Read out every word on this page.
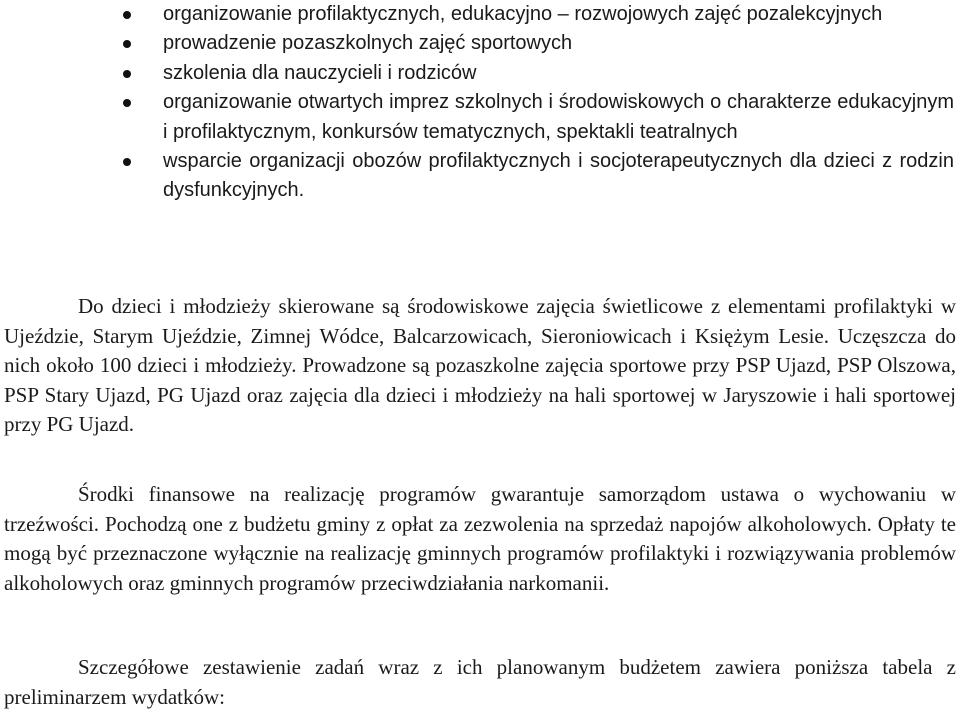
organizowanie profilaktycznych, edukacyjno – rozwojowych zajęć pozalekcyjnych
prowadzenie pozaszkolnych zajęć sportowych
szkolenia dla nauczycieli i rodziców
organizowanie otwartych imprez szkolnych i środowiskowych o charakterze edukacyjnym i profilaktycznym, konkursów tematycznych, spektakli teatralnych
wsparcie organizacji obozów profilaktycznych i socjoterapeutycznych dla dzieci z rodzin dysfunkcyjnych.

Do dzieci i młodzieży skierowane są środowiskowe zajęcia świetlicowe z elementami profilaktyki w Ujeździe, Starym Ujeździe, Zimnej Wódce, Balcarzowicach, Sieroniowicach i Księżym Lesie. Uczęszcza do nich około 100 dzieci i młodzieży. Prowadzone są pozaszkolne zajęcia sportowe przy PSP Ujazd, PSP Olszowa, PSP Stary Ujazd, PG Ujazd oraz zajęcia dla dzieci i młodzieży na hali sportowej w Jaryszowie i hali sportowej przy PG Ujazd.

Środki finansowe na realizację programów gwarantuje samorządom ustawa o wychowaniu w trzeźwości. Pochodzą one z budżetu gminy z opłat za zezwolenia na sprzedaż napojów alkoholowych. Opłaty te mogą być przeznaczone wyłącznie na realizację gminnych programów profilaktyki i rozwiązywania problemów alkoholowych oraz gminnych programów przeciwdziałania narkomanii.

Szczegółowe zestawienie zadań wraz z ich planowanym budżetem zawiera poniższa tabela z preliminarzem wydatków:
